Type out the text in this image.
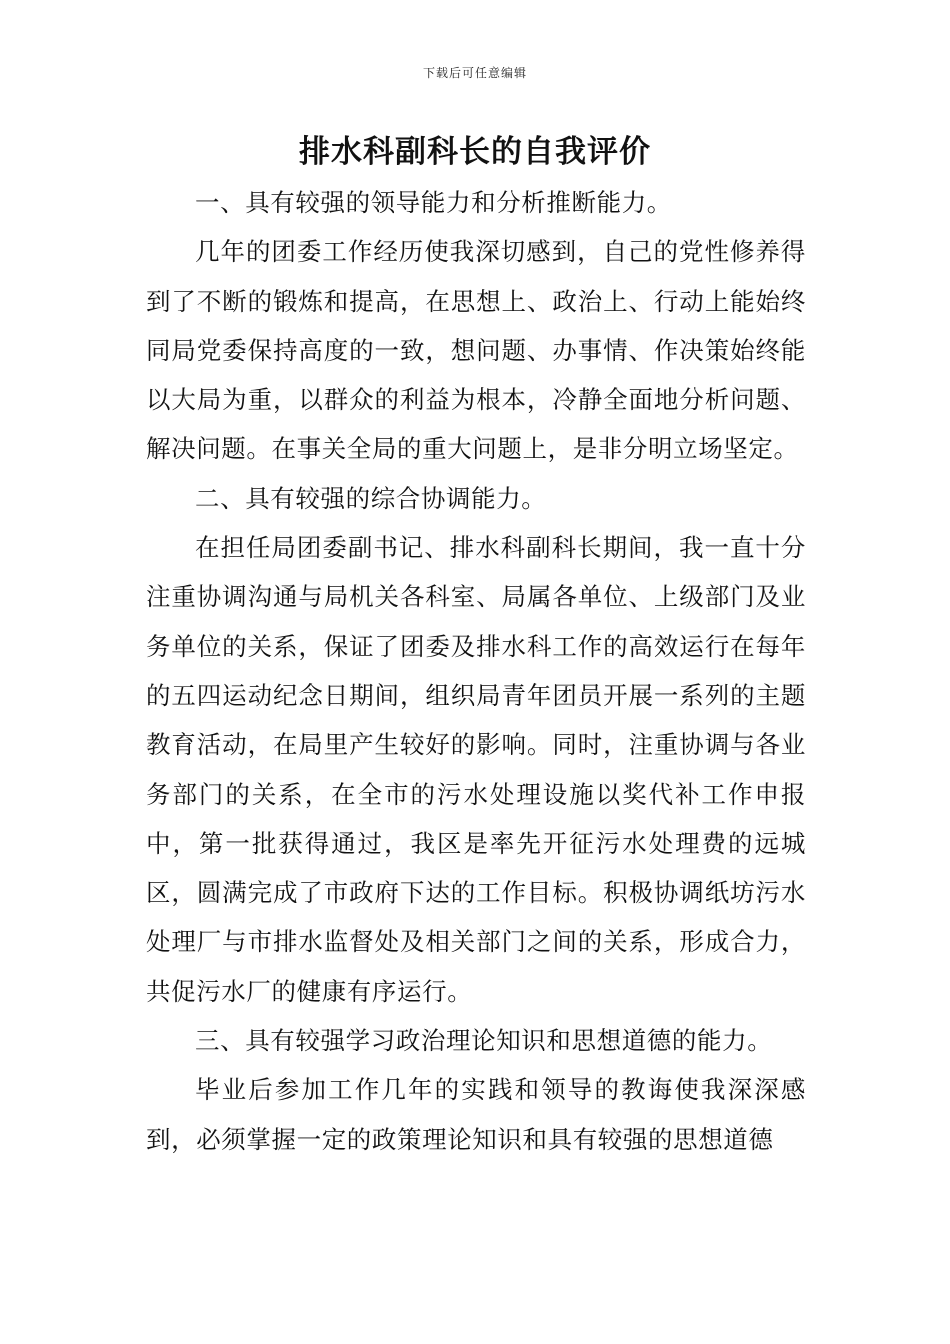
下载后可任意编辑
排水科副科长的自我评价

一、具有较强的领导能力和分析推断能力。

几年的团委工作经历使我深切感到，自己的党性修养得到了不断的锻炼和提高，在思想上、政治上、行动上能始终同局党委保持高度的一致，想问题、办事情、作决策始终能以大局为重，以群众的利益为根本，冷静全面地分析问题、解决问题。在事关全局的重大问题上，是非分明立场坚定。

二、具有较强的综合协调能力。

在担任局团委副书记、排水科副科长期间，我一直十分注重协调沟通与局机关各科室、局属各单位、上级部门及业务单位的关系，保证了团委及排水科工作的高效运行在每年的五四运动纪念日期间，组织局青年团员开展一系列的主题教育活动，在局里产生较好的影响。同时，注重协调与各业务部门的关系，在全市的污水处理设施以奖代补工作申报中，第一批获得通过，我区是率先开征污水处理费的远城区，圆满完成了市政府下达的工作目标。积极协调纸坊污水处理厂与市排水监督处及相关部门之间的关系，形成合力，共促污水厂的健康有序运行。

三、具有较强学习政治理论知识和思想道德的能力。

毕业后参加工作几年的实践和领导的教诲使我深深感到，必须掌握一定的政策理论知识和具有较强的思想道德
